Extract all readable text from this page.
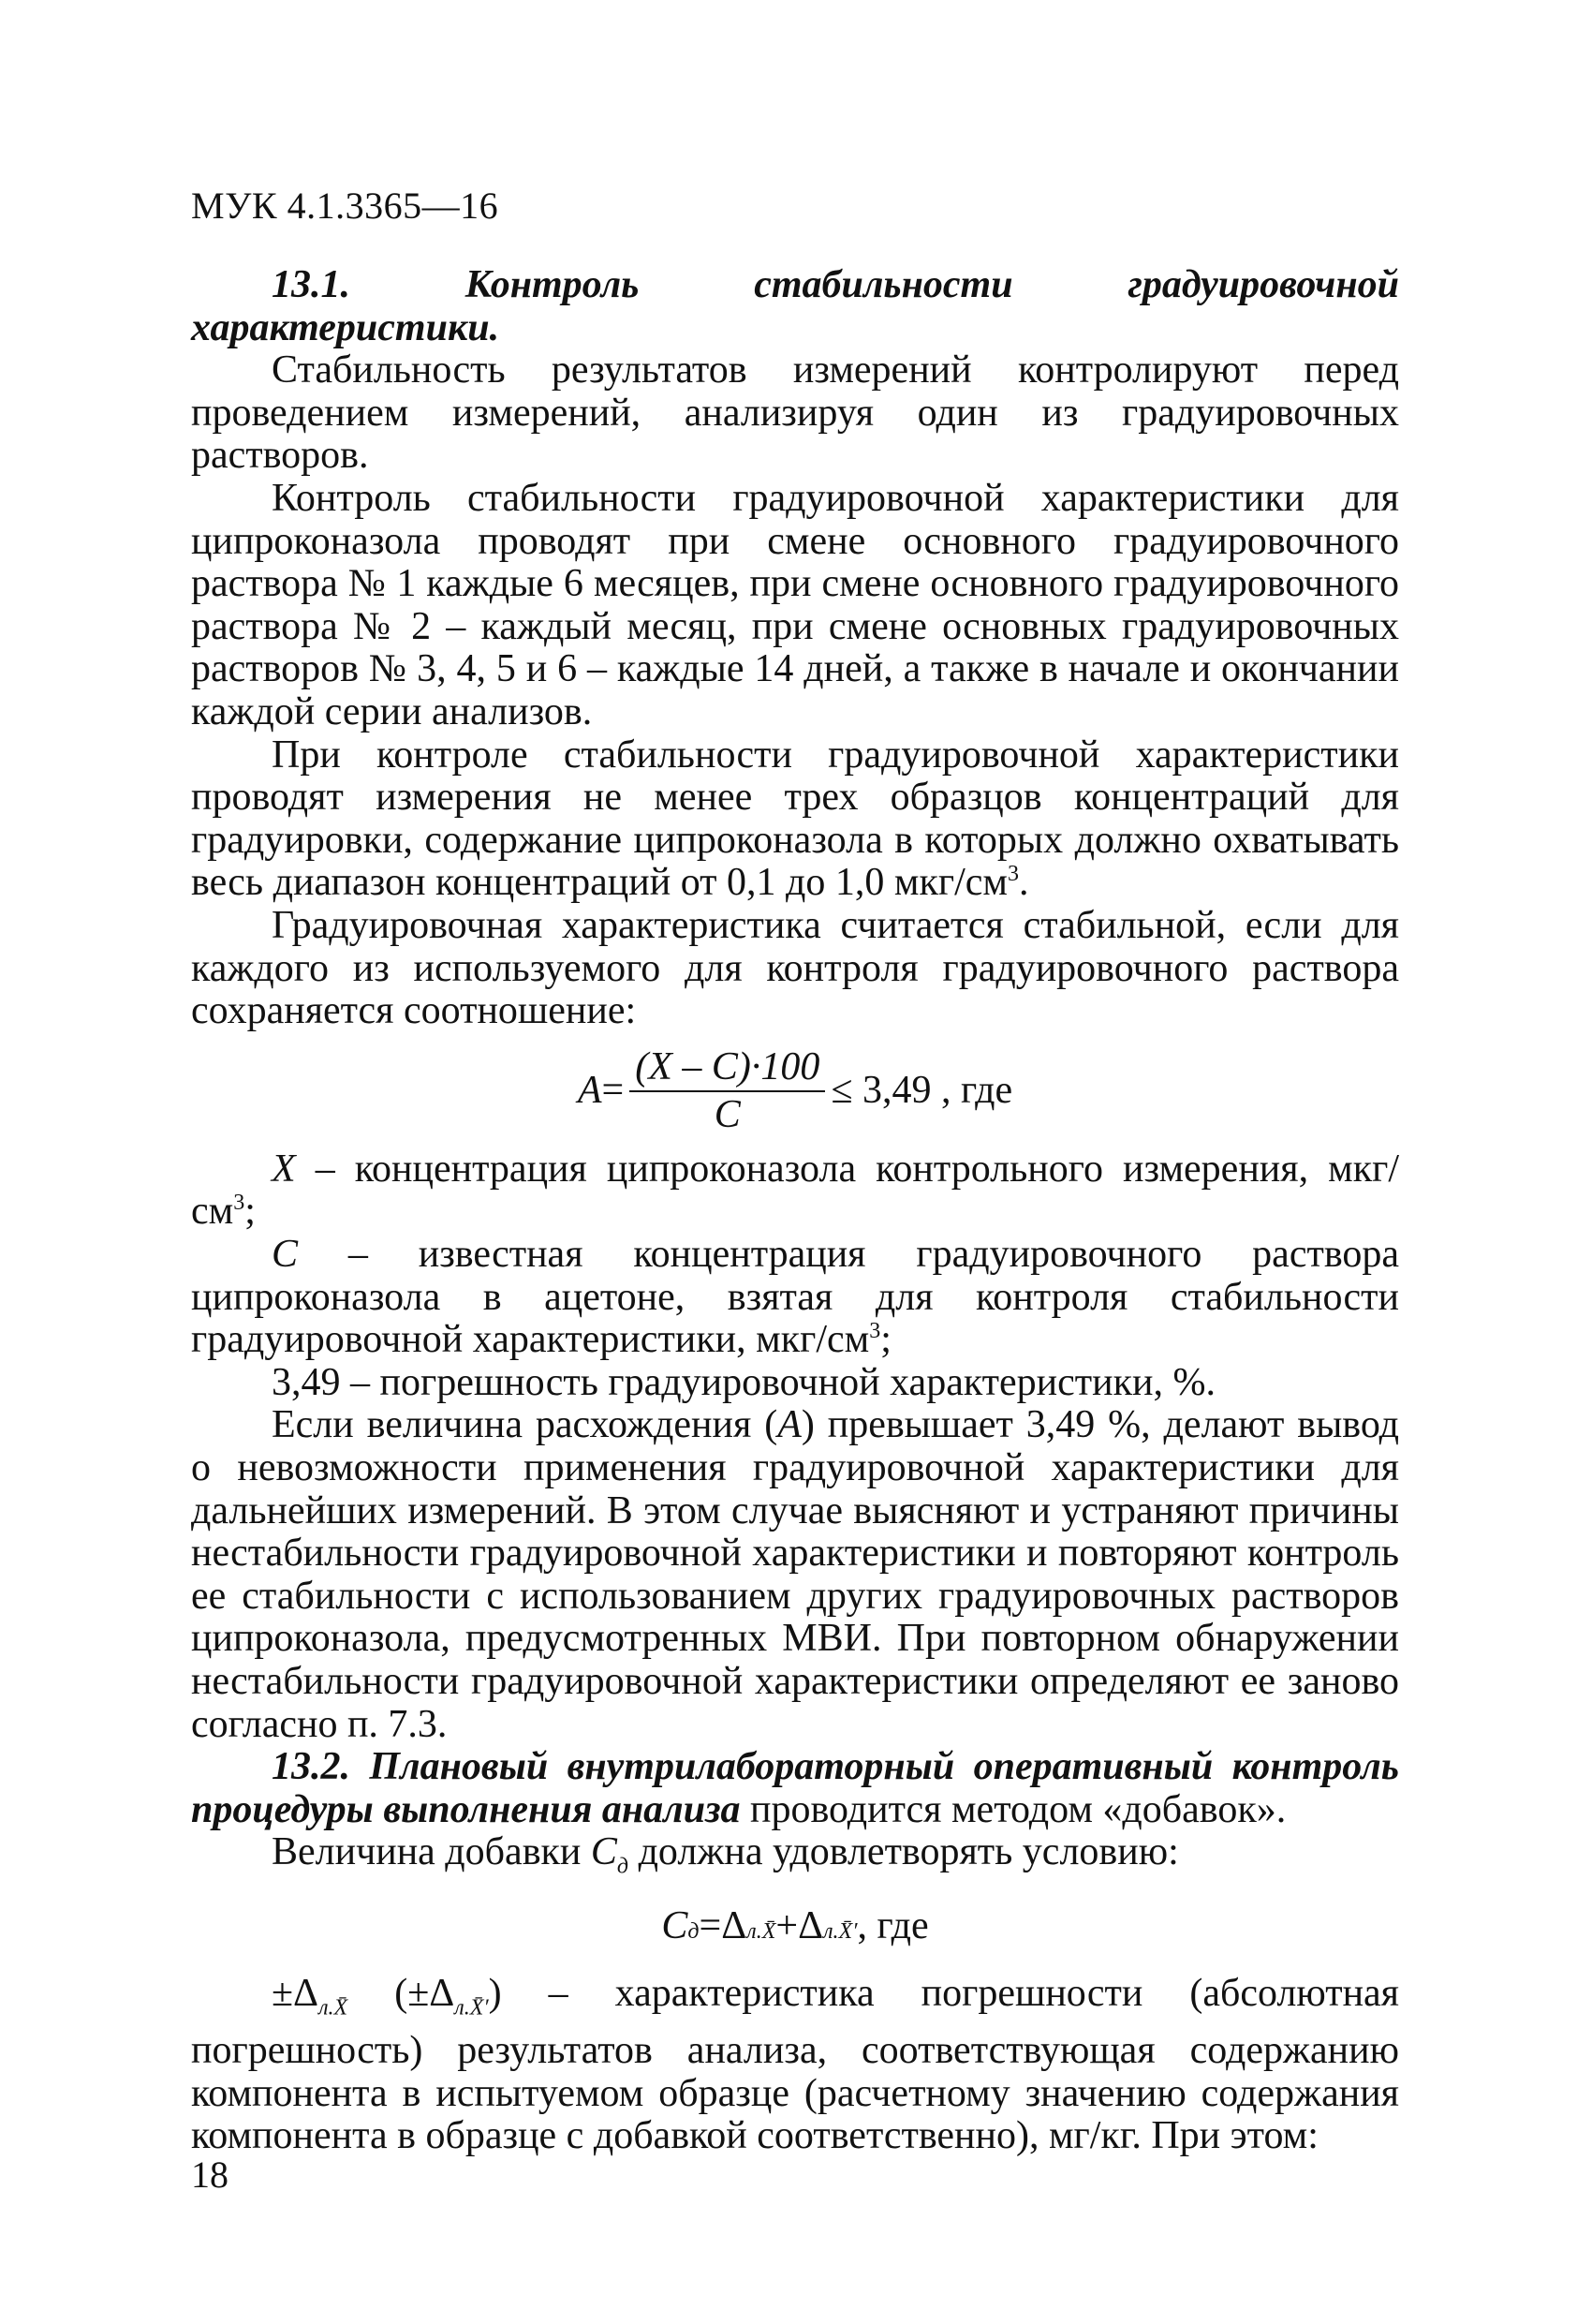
МУК 4.1.3365—16

13.1. Контроль стабильности градуировочной характеристики.

Стабильность результатов измерений контролируют перед проведением измерений, анализируя один из градуировочных растворов.

Контроль стабильности градуировочной характеристики для ципроконазола проводят при смене основного градуировочного раствора № 1 каждые 6 месяцев, при смене основного градуировочного раствора № 2 – каждый месяц, при смене основных градуировочных растворов № 3, 4, 5 и 6 – каждые 14 дней, а также в начале и окончании каждой серии анализов.

При контроле стабильности градуировочной характеристики проводят измерения не менее трех образцов концентраций для градуировки, содержание ципроконазола в которых должно охватывать весь диапазон концентраций от 0,1 до 1,0 мкг/$см^3$.

Градуировочная характеристика считается стабильной, если для каждого из используемого для контроля градуировочного раствора сохраняется соотношение:

$A = \frac{(X - C)\cdot 100}{C} \le 3,49$ , где

X – концентрация ципроконазола контрольного измерения, мкг/$см^3$;

C – известная концентрация градуировочного раствора ципроконазола в ацетоне, взятая для контроля стабильности градуировочной характеристики, мкг/$см^3$;

3,49 – погрешность градуировочной характеристики, %.

Если величина расхождения (A) превышает 3,49 %, делают вывод о невозможности применения градуировочной характеристики для дальнейших измерений. В этом случае выясняют и устраняют причины нестабильности градуировочной характеристики и повторяют контроль ее стабильности с использованием других градуировочных растворов ципроконазола, предусмотренных МВИ. При повторном обнаружении нестабильности градуировочной характеристики определяют ее заново согласно п. 7.3.

13.2. Плановый внутрилабораторный оперативный контроль процедуры выполнения анализа проводится методом «добавок».

Величина добавки $C_д$ должна удовлетворять условию:

C д = Δ л.X̄ + Δ л.X̄′ , где

$\pm\Delta_{л.X̄}$ $(\pm\Delta_{л.X̄'})$ – характеристика погрешности (абсолютная погрешность) результатов анализа, соответствующая содержанию компонента в испытуемом образце (расчетному значению содержания компонента в образце с добавкой соответственно), мг/кг. При этом:

18
